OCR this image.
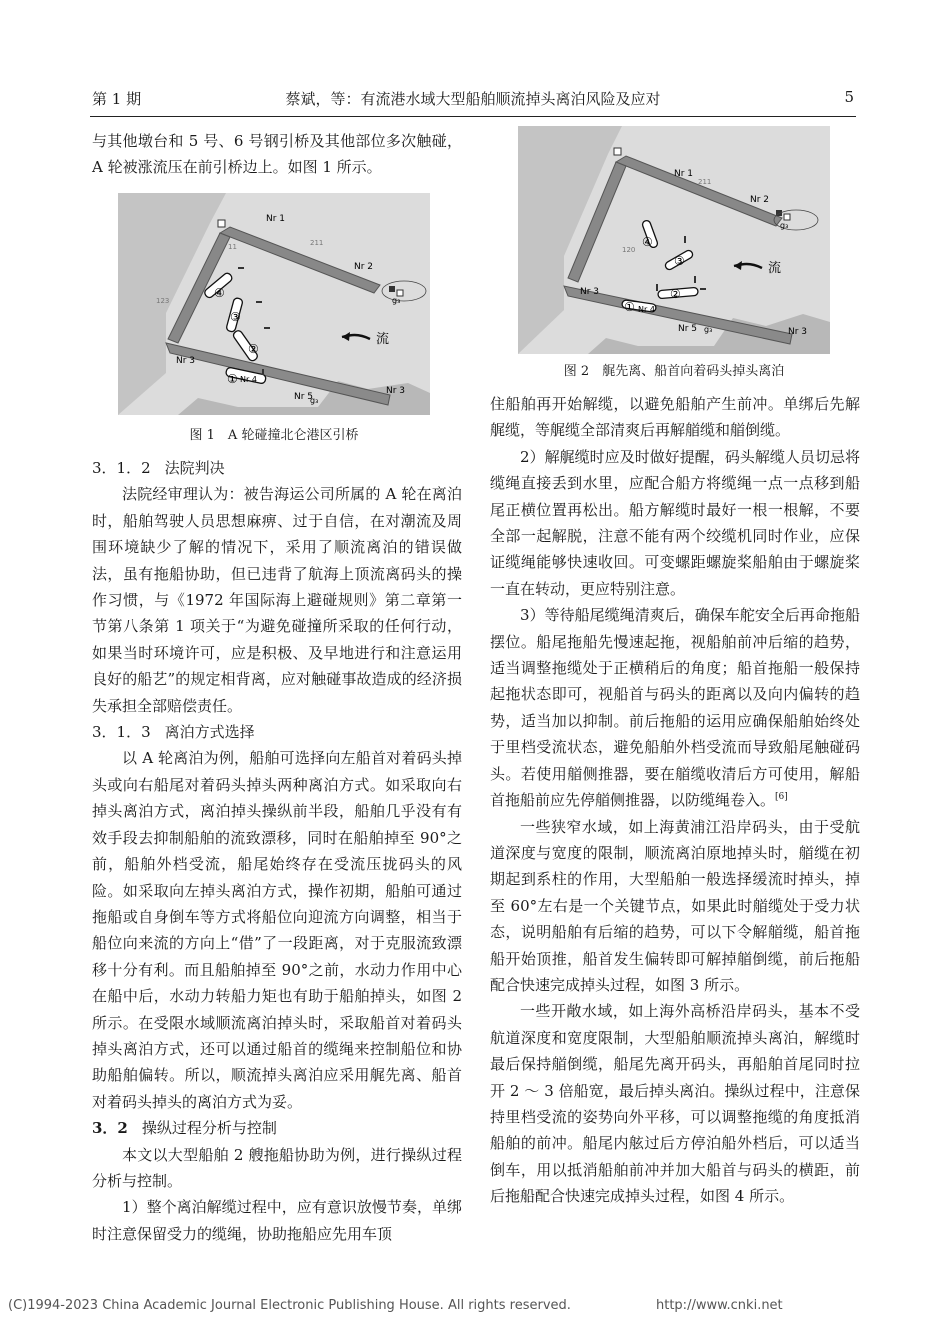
第 1 期	蔡斌，等：有流港水域大型船舶顺流掉头离泊风险及应对	5

与其他墩台和 5 号、6 号钢引桥及其他部位多次触碰，A 轮被涨流压在前引桥边上。如图 1 所示。

Nr 1
Nr 2
Nr 3
Nr 4
Nr 5
Nr 3
g₃
g₃
211
11
123
④
③
②
①
流
图 1　A 轮碰撞北仑港区引桥

3．1．2 法院判决

法院经审理认为：被告海运公司所属的 A 轮在离泊时，船舶驾驶人员思想麻痹、过于自信，在对潮流及周围环境缺少了解的情况下，采用了顺流离泊的错误做法，虽有拖船协助，但已违背了航海上顶流离码头的操作习惯，与《1972 年国际海上避碰规则》第二章第一节第八条第 1 项关于“为避免碰撞所采取的任何行动，如果当时环境许可，应是积极、及早地进行和注意运用良好的船艺”的规定相背离，应对触碰事故造成的经济损失承担全部赔偿责任。

3．1．3 离泊方式选择

以 A 轮离泊为例，船舶可选择向左船首对着码头掉头或向右船尾对着码头掉头两种离泊方式。如采取向右掉头离泊方式，离泊掉头操纵前半段，船舶几乎没有有效手段去抑制船舶的流致漂移，同时在船舶掉至 90°之前，船舶外档受流，船尾始终存在受流压拢码头的风险。如采取向左掉头离泊方式，操作初期，船舶可通过拖船或自身倒车等方式将船位向迎流方向调整，相当于船位向来流的方向上“借”了一段距离，对于克服流致漂移十分有利。而且船舶掉至 90°之前，水动力作用中心在船中后，水动力转船力矩也有助于船舶掉头，如图 2 所示。在受限水域顺流离泊掉头时，采取船首对着码头掉头离泊方式，还可以通过船首的缆绳来控制船位和协助船舶偏转。所以，顺流掉头离泊应采用艉先离、船首对着码头掉头的离泊方式为妥。

3．2 操纵过程分析与控制

本文以大型船舶 2 艘拖船协助为例，进行操纵过程分析与控制。

1）整个离泊解缆过程中，应有意识放慢节奏，单绑时注意保留受力的缆绳，协助拖船应先用车顶

Nr 1
Nr 2
Nr 3
Nr 4
Nr 5	Nr 3
g₃
g₃
211
120
④
③
②
①
流
图 2　艉先离、船首向着码头掉头离泊

住船舶再开始解缆，以避免船舶产生前冲。单绑后先解艉缆，等艉缆全部清爽后再解艏缆和艏倒缆。

2）解艉缆时应及时做好提醒，码头解缆人员切忌将缆绳直接丢到水里，应配合船方将缆绳一点一点移到船尾正横位置再松出。船方解缆时最好一根一根解，不要全部一起解脱，注意不能有两个绞缆机同时作业，应保证缆绳能够快速收回。可变螺距螺旋桨船舶由于螺旋桨一直在转动，更应特别注意。

3）等待船尾缆绳清爽后，确保车舵安全后再命拖船摆位。船尾拖船先慢速起拖，视船舶前冲后缩的趋势，适当调整拖缆处于正横稍后的角度；船首拖船一般保持起拖状态即可，视船首与码头的距离以及向内偏转的趋势，适当加以抑制。前后拖船的运用应确保船舶始终处于里档受流状态，避免船舶外档受流而导致船尾触碰码头。若使用艏侧推器，要在艏缆收清后方可使用，解船首拖船前应先停艏侧推器，以防缆绳卷入。[6]

一些狭窄水域，如上海黄浦江沿岸码头，由于受航道深度与宽度的限制，顺流离泊原地掉头时，艏缆在初期起到系柱的作用，大型船舶一般选择缓流时掉头，掉至 60°左右是一个关键节点，如果此时艏缆处于受力状态，说明船舶有后缩的趋势，可以下令解艏缆，船首拖船开始顶推，船首发生偏转即可解掉艏倒缆，前后拖船配合快速完成掉头过程，如图 3 所示。

一些开敞水域，如上海外高桥沿岸码头，基本不受航道深度和宽度限制，大型船舶顺流掉头离泊，解缆时最后保持艏倒缆，船尾先离开码头，再船舶首尾同时拉开 2 ～ 3 倍船宽，最后掉头离泊。操纵过程中，注意保持里档受流的姿势向外平移，可以调整拖缆的角度抵消船舶的前冲。船尾内舷过后方停泊船外档后，可以适当倒车，用以抵消船舶前冲并加大船首与码头的横距，前后拖船配合快速完成掉头过程，如图 4 所示。

(C)1994-2023 China Academic Journal Electronic Publishing House. All rights reserved.	http://www.cnki.net
